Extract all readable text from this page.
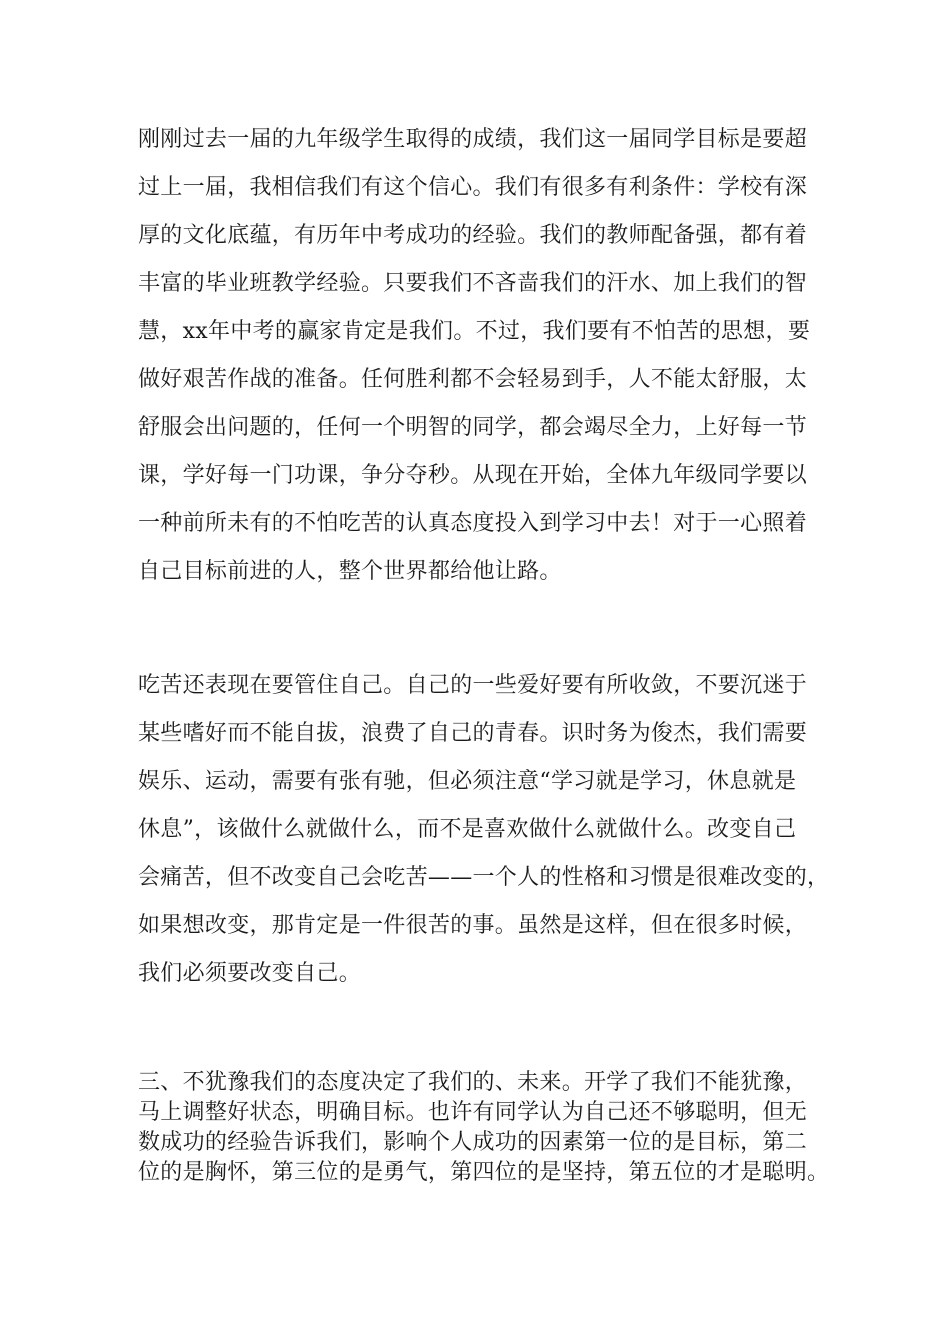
刚刚过去一届的九年级学生取得的成绩，我们这一届同学目标是要超
过上一届，我相信我们有这个信心。我们有很多有利条件：学校有深
厚的文化底蕴，有历年中考成功的经验。我们的教师配备强，都有着
丰富的毕业班教学经验。只要我们不吝啬我们的汗水、加上我们的智
慧，xx年中考的赢家肯定是我们。不过，我们要有不怕苦的思想，要
做好艰苦作战的准备。任何胜利都不会轻易到手，人不能太舒服，太
舒服会出问题的，任何一个明智的同学，都会竭尽全力，上好每一节
课，学好每一门功课，争分夺秒。从现在开始，全体九年级同学要以
一种前所未有的不怕吃苦的认真态度投入到学习中去！对于一心照着
自己目标前进的人，整个世界都给他让路。
吃苦还表现在要管住自己。自己的一些爱好要有所收敛，不要沉迷于
某些嗜好而不能自拔，浪费了自己的青春。识时务为俊杰，我们需要
娱乐、运动，需要有张有驰，但必须注意“学习就是学习，休息就是
休息”，该做什么就做什么，而不是喜欢做什么就做什么。改变自己
会痛苦，但不改变自己会吃苦——一个人的性格和习惯是很难改变的，
如果想改变，那肯定是一件很苦的事。虽然是这样，但在很多时候，
我们必须要改变自己。
三、不犹豫我们的态度决定了我们的、未来。开学了我们不能犹豫，
马上调整好状态，明确目标。也许有同学认为自己还不够聪明，但无
数成功的经验告诉我们，影响个人成功的因素第一位的是目标，第二
位的是胸怀，第三位的是勇气，第四位的是坚持，第五位的才是聪明。
